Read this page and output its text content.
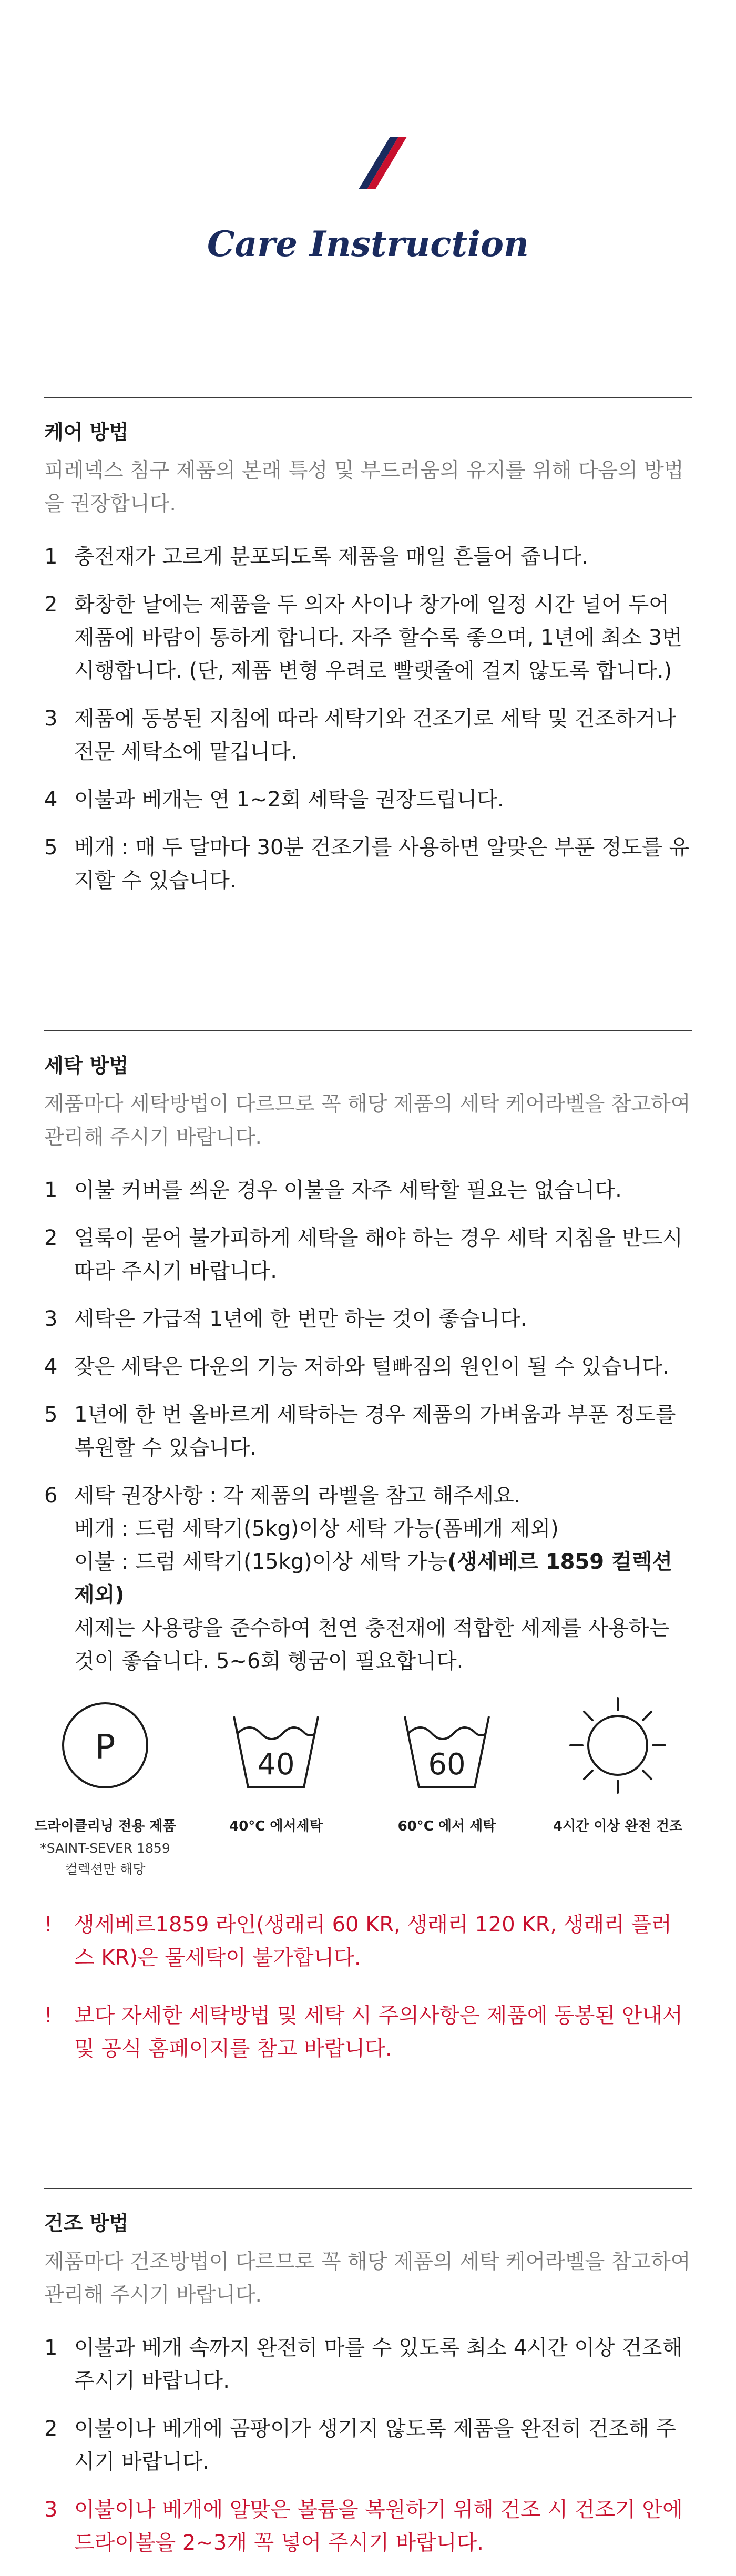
Care Instruction
케어 방법
피레넥스 침구 제품의 본래 특성 및 부드러움의 유지를 위해 다음의 방법을 권장합니다.
1 충전재가 고르게 분포되도록 제품을 매일 흔들어 줍니다.
2 화창한 날에는 제품을 두 의자 사이나 창가에 일정 시간 널어 두어 제품에 바람이 통하게 합니다. 자주 할수록 좋으며, 1년에 최소 3번 시행합니다. (단, 제품 변형 우려로 빨랫줄에 걸지 않도록 합니다.)
3 제품에 동봉된 지침에 따라 세탁기와 건조기로 세탁 및 건조하거나 전문 세탁소에 맡깁니다.
4 이불과 베개는 연 1~2회 세탁을 권장드립니다.
5 베개 : 매 두 달마다 30분 건조기를 사용하면 알맞은 부푼 정도를 유지할 수 있습니다.
세탁 방법
제품마다 세탁방법이 다르므로 꼭 해당 제품의 세탁 케어라벨을 참고하여 관리해 주시기 바랍니다.
1 이불 커버를 씌운 경우 이불을 자주 세탁할 필요는 없습니다.
2 얼룩이 묻어 불가피하게 세탁을 해야 하는 경우 세탁 지침을 반드시 따라 주시기 바랍니다.
3 세탁은 가급적 1년에 한 번만 하는 것이 좋습니다.
4 잦은 세탁은 다운의 기능 저하와 털빠짐의 원인이 될 수 있습니다.
5 1년에 한 번 올바르게 세탁하는 경우 제품의 가벼움과 부푼 정도를 복원할 수 있습니다.
6 세탁 권장사항 : 각 제품의 라벨을 참고 해주세요.
베개 : 드럼 세탁기(5kg)이상 세탁 가능(폼베개 제외)
이불 : 드럼 세탁기(15kg)이상 세탁 가능(생세베르 1859 컬렉션 제외)
세제는 사용량을 준수하여 천연 충전재에 적합한 세제를 사용하는 것이 좋습니다. 5~6회 헹굼이 필요합니다.
P
드라이클리닝 전용 제품
*SAINT-SEVER 1859
컬렉션만 해당
40
40°C 에서세탁
60
60°C 에서 세탁	4시간 이상 완전 건조
!	생세베르1859 라인(생래리 60 KR, 생래리 120 KR, 생래리 플러스 KR)은 물세탁이 불가합니다.
!	보다 자세한 세탁방법 및 세탁 시 주의사항은 제품에 동봉된 안내서 및 공식 홈페이지를 참고 바랍니다.
건조 방법
제품마다 건조방법이 다르므로 꼭 해당 제품의 세탁 케어라벨을 참고하여 관리해 주시기 바랍니다.
1 이불과 베개 속까지 완전히 마를 수 있도록 최소 4시간 이상 건조해 주시기 바랍니다.
2 이불이나 베개에 곰팡이가 생기지 않도록 제품을 완전히 건조해 주시기 바랍니다.
3 이불이나 베개에 알맞은 볼륨을 복원하기 위해 건조 시 건조기 안에 드라이볼을 2~3개 꼭 넣어 주시기 바랍니다.
